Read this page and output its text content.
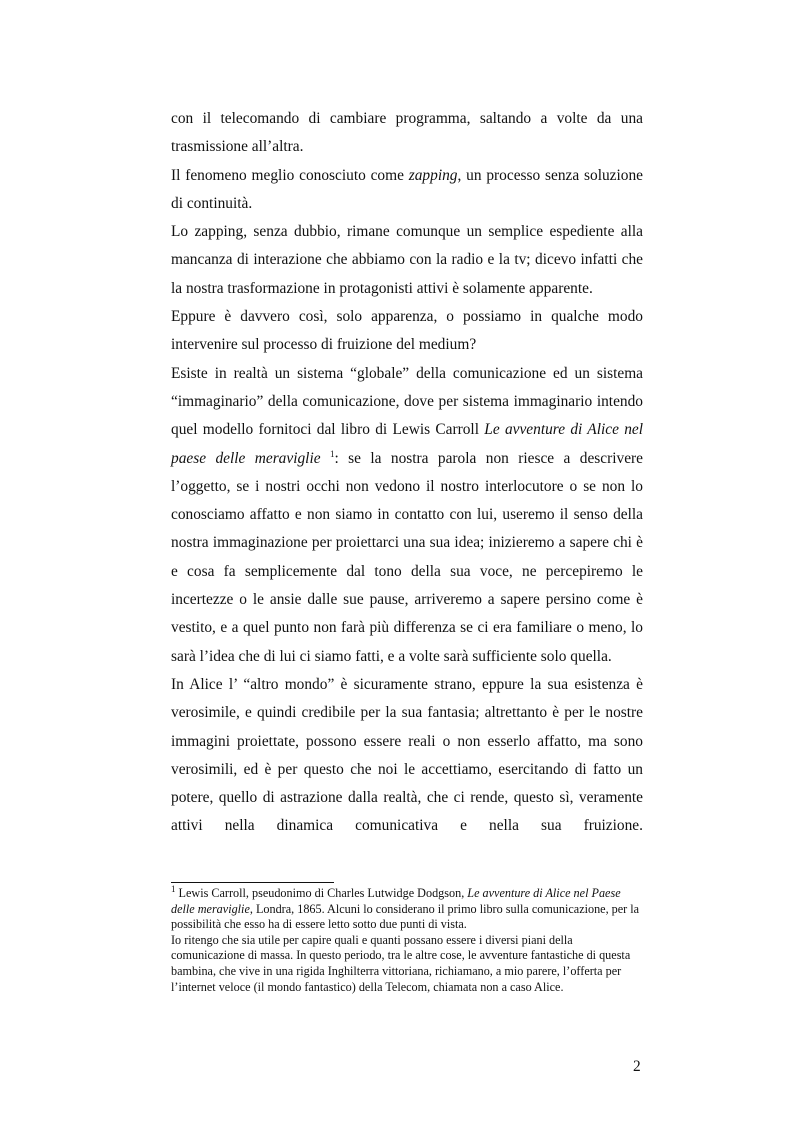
con il telecomando di cambiare programma, saltando a volte da una trasmissione all’altra.

Il fenomeno meglio conosciuto come zapping, un processo senza soluzione di continuità.

Lo zapping, senza dubbio, rimane comunque un semplice espediente alla mancanza di interazione che abbiamo con la radio e la tv; dicevo infatti che la nostra trasformazione in protagonisti attivi è solamente apparente.

Eppure è davvero così, solo apparenza, o possiamo in qualche modo intervenire sul processo di fruizione del medium?

Esiste in realtà un sistema “globale” della comunicazione ed un sistema “immaginario” della comunicazione, dove per sistema immaginario intendo quel modello fornitoci dal libro di Lewis Carroll Le avventure di Alice nel paese delle meraviglie $^1$: se la nostra parola non riesce a descrivere l’oggetto, se i nostri occhi non vedono il nostro interlocutore o se non lo conosciamo affatto e non siamo in contatto con lui, useremo il senso della nostra immaginazione per proiettarci una sua idea; inizieremo a sapere chi è e cosa fa semplicemente dal tono della sua voce, ne percepiremo le incertezze o le ansie dalle sue pause, arriveremo a sapere persino come è vestito, e a quel punto non farà più differenza se ci era familiare o meno, lo sarà l’idea che di lui ci siamo fatti, e a volte sarà sufficiente solo quella.

In Alice l’ “altro mondo” è sicuramente strano, eppure la sua esistenza è verosimile, e quindi credibile per la sua fantasia; altrettanto è per le nostre immagini proiettate, possono essere reali o non esserlo affatto, ma sono verosimili, ed è per questo che noi le accettiamo, esercitando di fatto un potere, quello di astrazione dalla realtà, che ci rende, questo sì, veramente attivi nella dinamica comunicativa e nella sua fruizione.

$^1$ Lewis Carroll, pseudonimo di Charles Lutwidge Dodgson, Le avventure di Alice nel Paese delle meraviglie, Londra, 1865. Alcuni lo considerano il primo libro sulla comunicazione, per la possibilità che esso ha di essere letto sotto due punti di vista.

Io ritengo che sia utile per capire quali e quanti possano essere i diversi piani della comunicazione di massa. In questo periodo, tra le altre cose, le avventure fantastiche di questa bambina, che vive in una rigida Inghilterra vittoriana, richiamano, a mio parere, l’offerta per l’internet veloce (il mondo fantastico) della Telecom, chiamata non a caso Alice.

2
